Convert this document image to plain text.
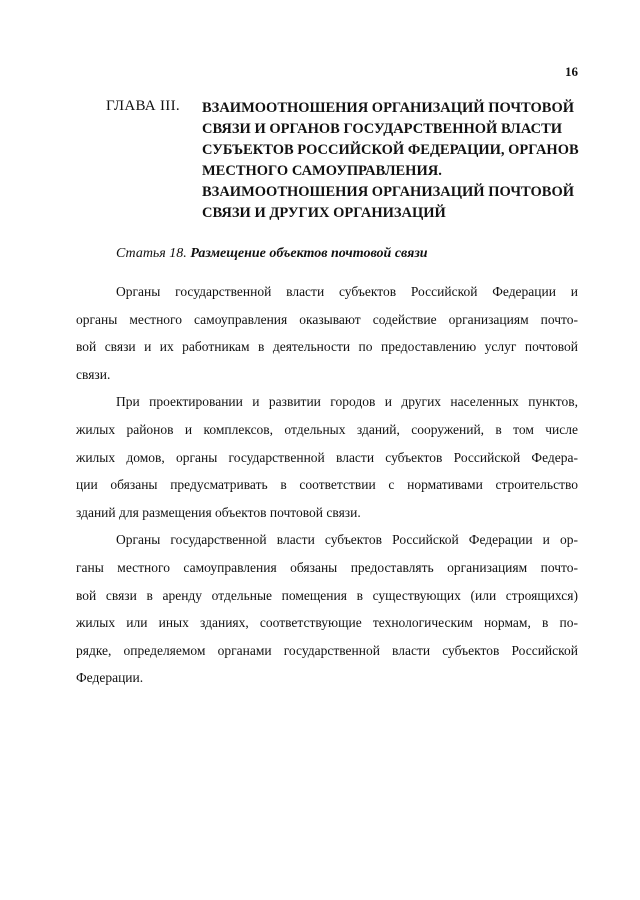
16
ГЛАВА III. ВЗАИМООТНОШЕНИЯ ОРГАНИЗАЦИЙ ПОЧТОВОЙ
СВЯЗИ И ОРГАНОВ ГОСУДАРСТВЕННОЙ ВЛАСТИ
СУБЪЕКТОВ РОССИЙСКОЙ ФЕДЕРАЦИИ, ОРГАНОВ
МЕСТНОГО САМОУПРАВЛЕНИЯ.
ВЗАИМООТНОШЕНИЯ ОРГАНИЗАЦИЙ ПОЧТОВОЙ
СВЯЗИ И ДРУГИХ ОРГАНИЗАЦИЙ
Статья 18. Размещение объектов почтовой связи

Органы государственной власти субъектов Российской Федерации и
органы местного самоуправления оказывают содействие организациям почто-
вой связи и их работникам в деятельности по предоставлению услуг почтовой
связи.

При проектировании и развитии городов и других населенных пунктов,
жилых районов и комплексов, отдельных зданий, сооружений, в том числе
жилых домов, органы государственной власти субъектов Российской Федера-
ции обязаны предусматривать в соответствии с нормативами строительство
зданий для размещения объектов почтовой связи.

Органы государственной власти субъектов Российской Федерации и ор-
ганы местного самоуправления обязаны предоставлять организациям почто-
вой связи в аренду отдельные помещения в существующих (или строящихся)
жилых или иных зданиях, соответствующие технологическим нормам, в по-
рядке, определяемом органами государственной власти субъектов Российской
Федерации.
